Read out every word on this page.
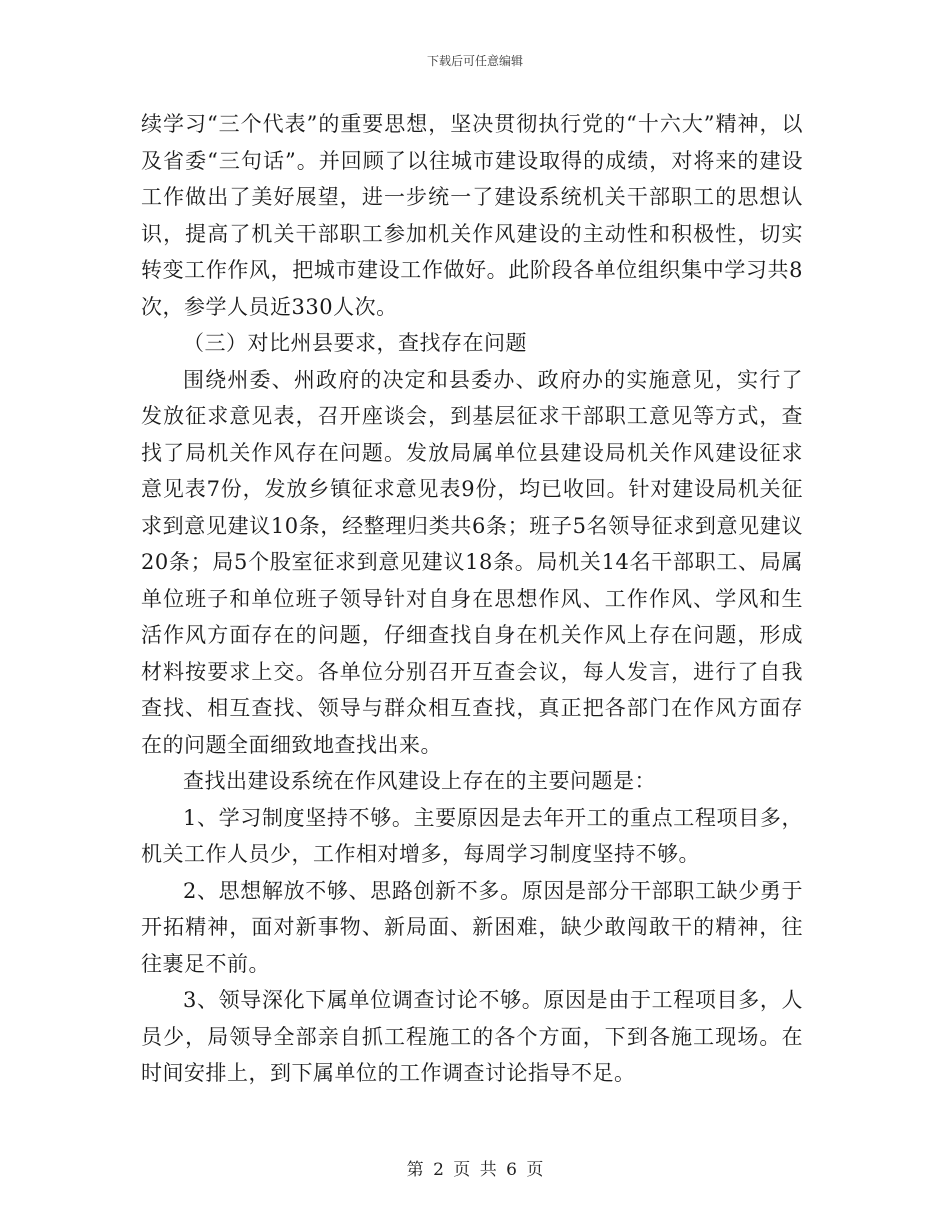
下载后可任意编辑

续学习“三个代表”的重要思想，坚决贯彻执行党的“十六大”精神，以及省委“三句话”。并回顾了以往城市建设取得的成绩，对将来的建设工作做出了美好展望，进一步统一了建设系统机关干部职工的思想认识，提高了机关干部职工参加机关作风建设的主动性和积极性，切实转变工作作风，把城市建设工作做好。此阶段各单位组织集中学习共8次，参学人员近330人次。

（三）对比州县要求，查找存在问题

围绕州委、州政府的决定和县委办、政府办的实施意见，实行了发放征求意见表，召开座谈会，到基层征求干部职工意见等方式，查找了局机关作风存在问题。发放局属单位县建设局机关作风建设征求意见表7份，发放乡镇征求意见表9份，均已收回。针对建设局机关征求到意见建议10条，经整理归类共6条；班子5名领导征求到意见建议20条；局5个股室征求到意见建议18条。局机关14名干部职工、局属单位班子和单位班子领导针对自身在思想作风、工作作风、学风和生活作风方面存在的问题，仔细查找自身在机关作风上存在问题，形成材料按要求上交。各单位分别召开互查会议，每人发言，进行了自我查找、相互查找、领导与群众相互查找，真正把各部门在作风方面存在的问题全面细致地查找出来。

查找出建设系统在作风建设上存在的主要问题是：

1、学习制度坚持不够。主要原因是去年开工的重点工程项目多，机关工作人员少，工作相对增多，每周学习制度坚持不够。

2、思想解放不够、思路创新不多。原因是部分干部职工缺少勇于开拓精神，面对新事物、新局面、新困难，缺少敢闯敢干的精神，往往裹足不前。

3、领导深化下属单位调查讨论不够。原因是由于工程项目多，人员少，局领导全部亲自抓工程施工的各个方面，下到各施工现场。在时间安排上，到下属单位的工作调查讨论指导不足。

第 2 页 共 6 页
